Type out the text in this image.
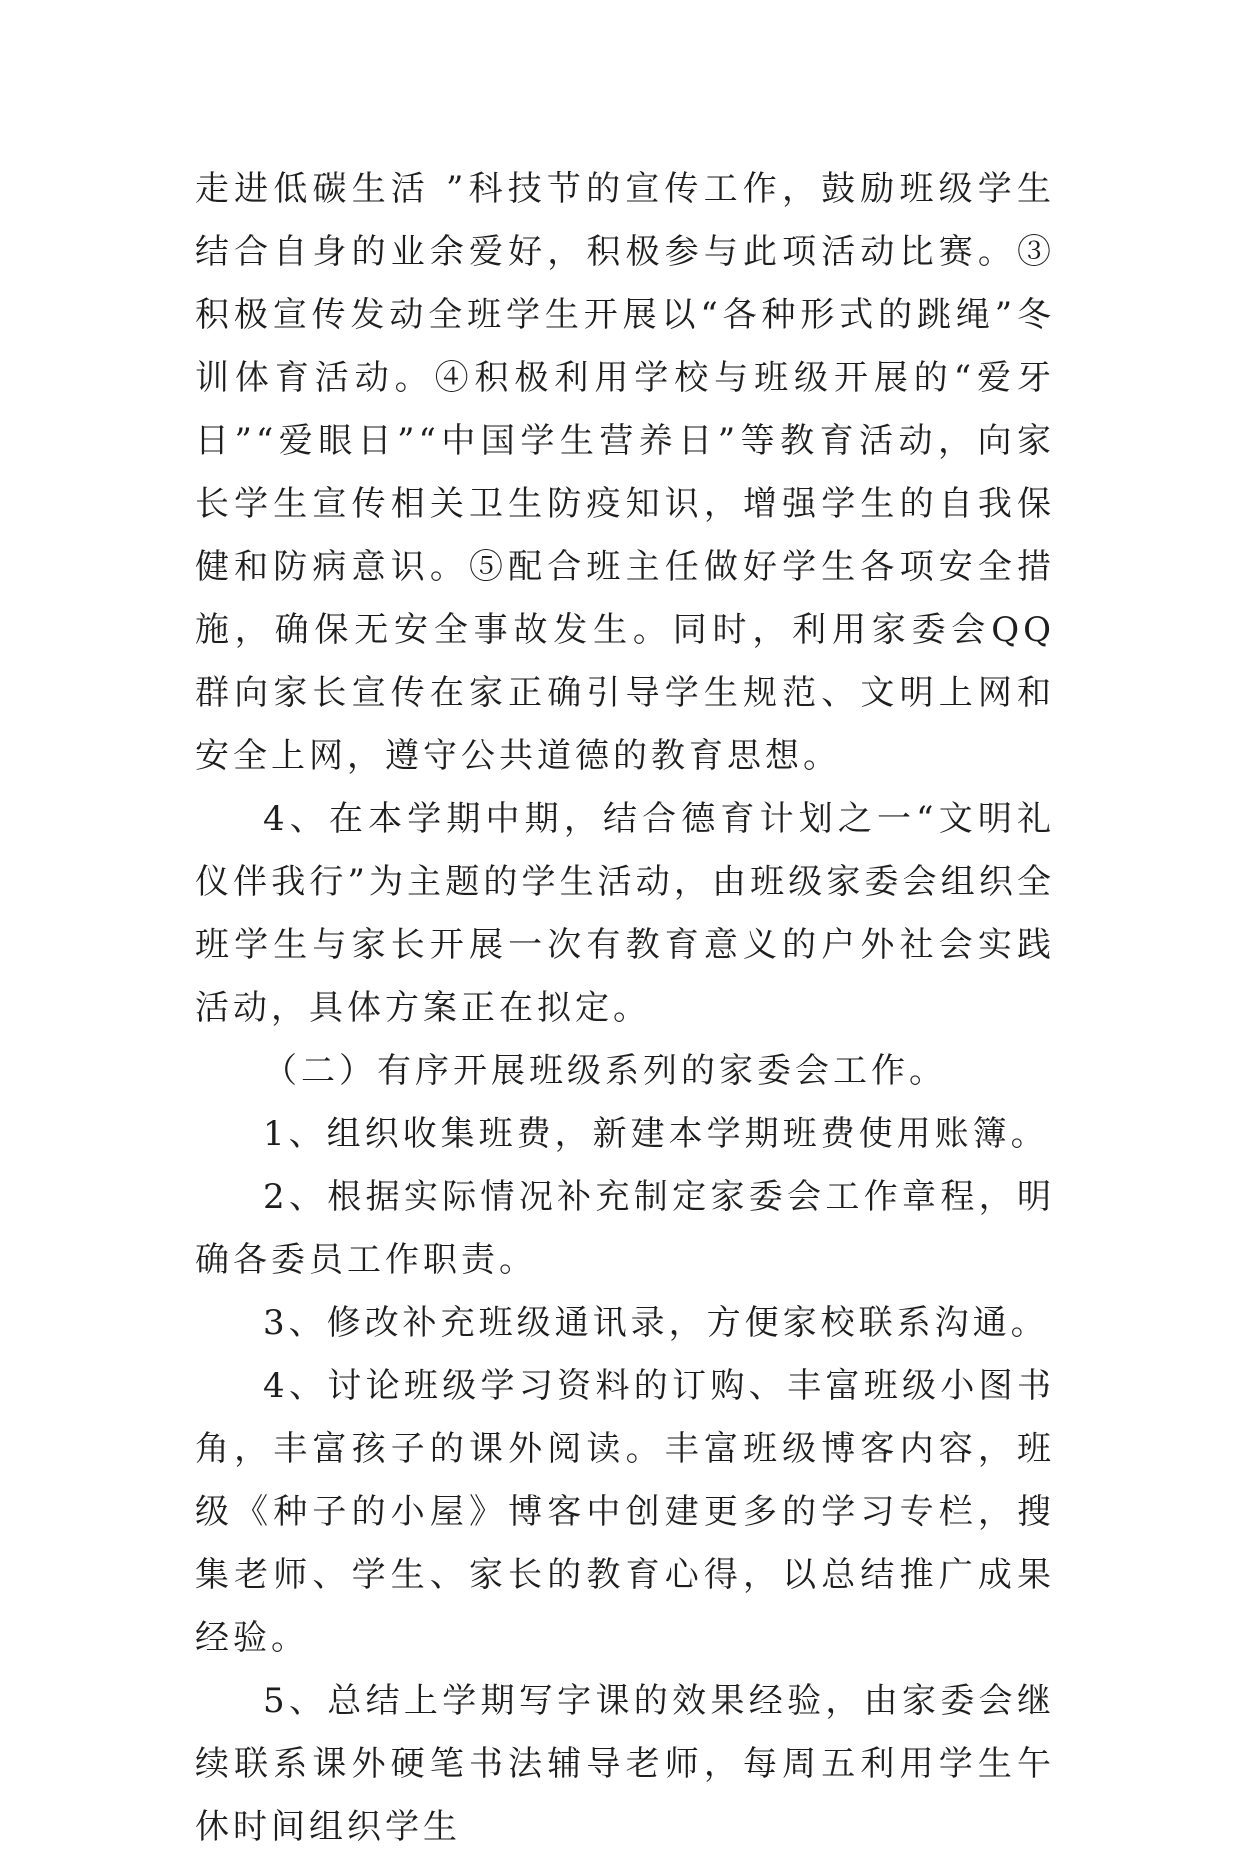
走进低碳生活 ”科技节的宣传工作，鼓励班级学生结合自身的业余爱好，积极参与此项活动比赛。③积极宣传发动全班学生开展以“各种形式的跳绳”冬训体育活动。④积极利用学校与班级开展的“爱牙日”“爱眼日”“中国学生营养日”等教育活动，向家长学生宣传相关卫生防疫知识，增强学生的自我保健和防病意识。⑤配合班主任做好学生各项安全措施，确保无安全事故发生。同时，利用家委会QQ群向家长宣传在家正确引导学生规范、文明上网和安全上网，遵守公共道德的教育思想。

4、在本学期中期，结合德育计划之一“文明礼仪伴我行”为主题的学生活动，由班级家委会组织全班学生与家长开展一次有教育意义的户外社会实践活动，具体方案正在拟定。

（二）有序开展班级系列的家委会工作。

1、组织收集班费，新建本学期班费使用账簿。

2、根据实际情况补充制定家委会工作章程，明确各委员工作职责。

3、修改补充班级通讯录，方便家校联系沟通。

4、讨论班级学习资料的订购、丰富班级小图书角，丰富孩子的课外阅读。丰富班级博客内容，班级《种子的小屋》博客中创建更多的学习专栏，搜集老师、学生、家长的教育心得，以总结推广成果经验。

5、总结上学期写字课的效果经验，由家委会继续联系课外硬笔书法辅导老师，每周五利用学生午休时间组织学生
